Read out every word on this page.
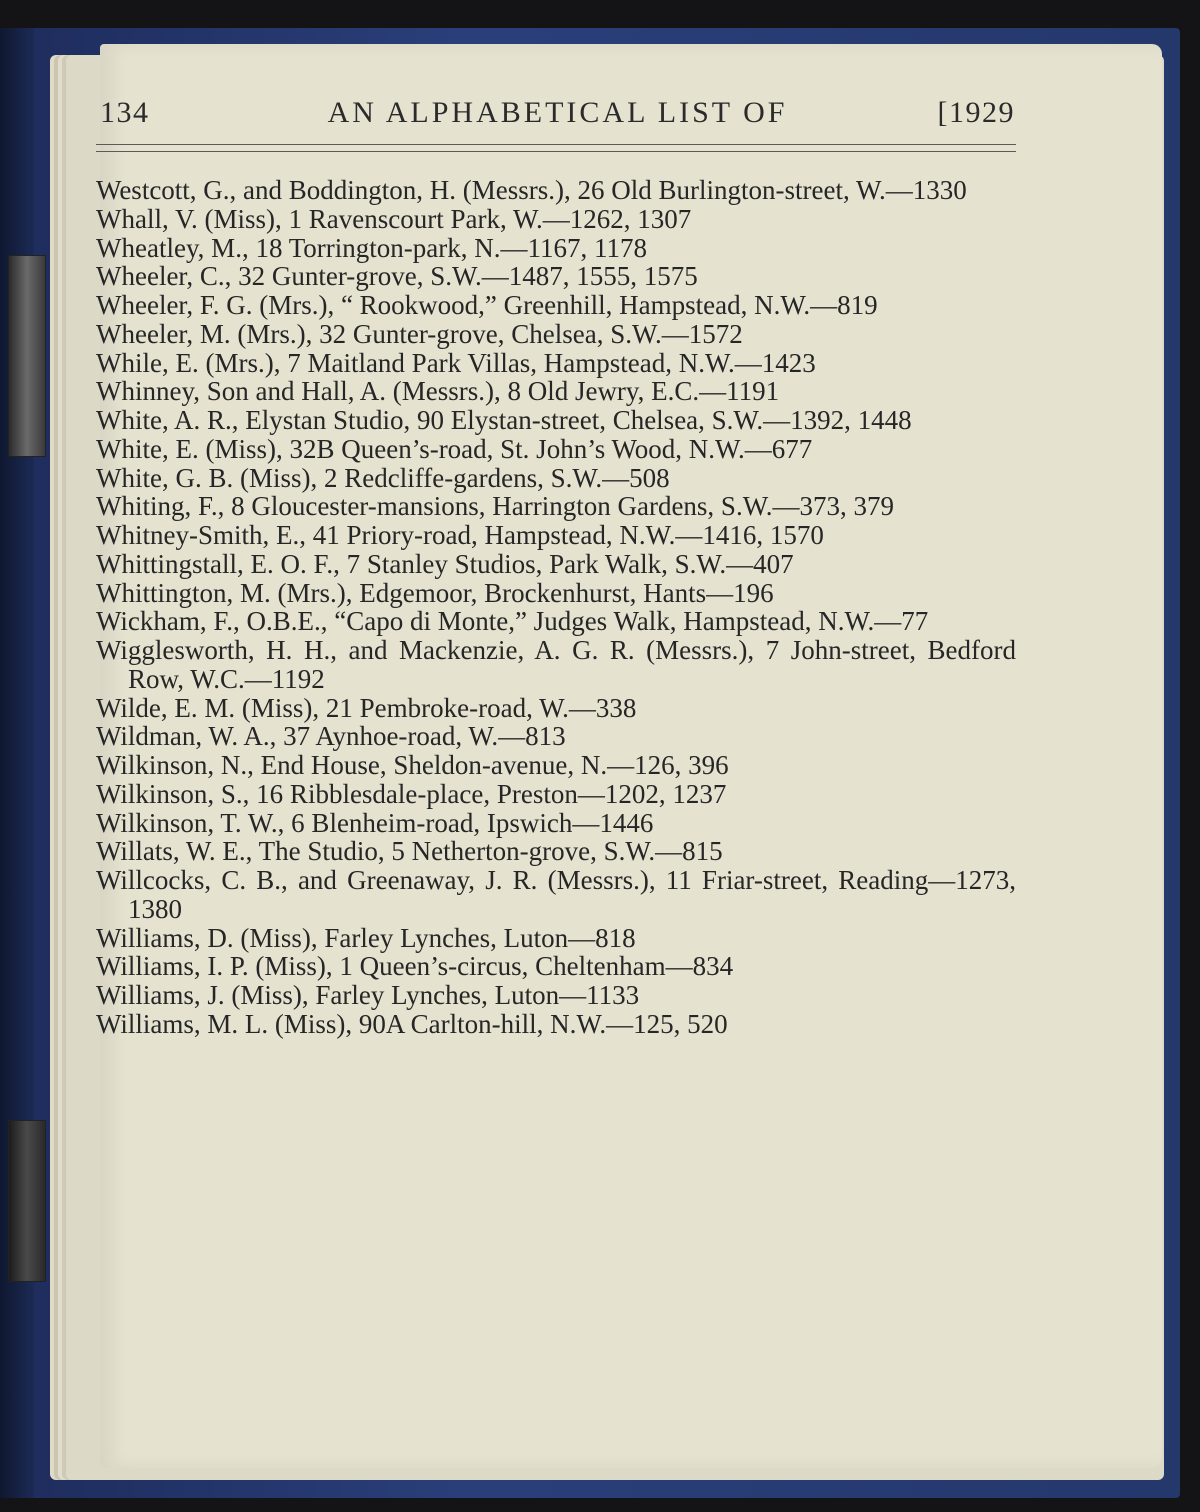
134	AN ALPHABETICAL LIST OF	[1929

Westcott, G., and Boddington, H. (Messrs.), 26 Old Burlington-street, W.—1330

Whall, V. (Miss), 1 Ravenscourt Park, W.—1262, 1307

Wheatley, M., 18 Torrington-park, N.—1167, 1178

Wheeler, C., 32 Gunter-grove, S.W.—1487, 1555, 1575

Wheeler, F. G. (Mrs.), “ Rookwood,” Greenhill, Hampstead, N.W.—819

Wheeler, M. (Mrs.), 32 Gunter-grove, Chelsea, S.W.—1572

While, E. (Mrs.), 7 Maitland Park Villas, Hampstead, N.W.—1423

Whinney, Son and Hall, A. (Messrs.), 8 Old Jewry, E.C.—1191

White, A. R., Elystan Studio, 90 Elystan-street, Chelsea, S.W.—1392, 1448

White, E. (Miss), 32B Queen’s-road, St. John’s Wood, N.W.—677

White, G. B. (Miss), 2 Redcliffe-gardens, S.W.—508

Whiting, F., 8 Gloucester-mansions, Harrington Gardens, S.W.—373, 379

Whitney-Smith, E., 41 Priory-road, Hampstead, N.W.—1416, 1570

Whittingstall, E. O. F., 7 Stanley Studios, Park Walk, S.W.—407

Whittington, M. (Mrs.), Edgemoor, Brockenhurst, Hants—196

Wickham, F., O.B.E., “Capo di Monte,” Judges Walk, Hampstead, N.W.—77

Wigglesworth, H. H., and Mackenzie, A. G. R. (Messrs.), 7 John-street, Bedford Row, W.C.—1192

Wilde, E. M. (Miss), 21 Pembroke-road, W.—338

Wildman, W. A., 37 Aynhoe-road, W.—813

Wilkinson, N., End House, Sheldon-avenue, N.—126, 396

Wilkinson, S., 16 Ribblesdale-place, Preston—1202, 1237

Wilkinson, T. W., 6 Blenheim-road, Ipswich—1446

Willats, W. E., The Studio, 5 Netherton-grove, S.W.—815

Willcocks, C. B., and Greenaway, J. R. (Messrs.), 11 Friar-street, Reading—1273, 1380

Williams, D. (Miss), Farley Lynches, Luton—818

Williams, I. P. (Miss), 1 Queen’s-circus, Cheltenham—834

Williams, J. (Miss), Farley Lynches, Luton—1133

Williams, M. L. (Miss), 90A Carlton-hill, N.W.—125, 520
